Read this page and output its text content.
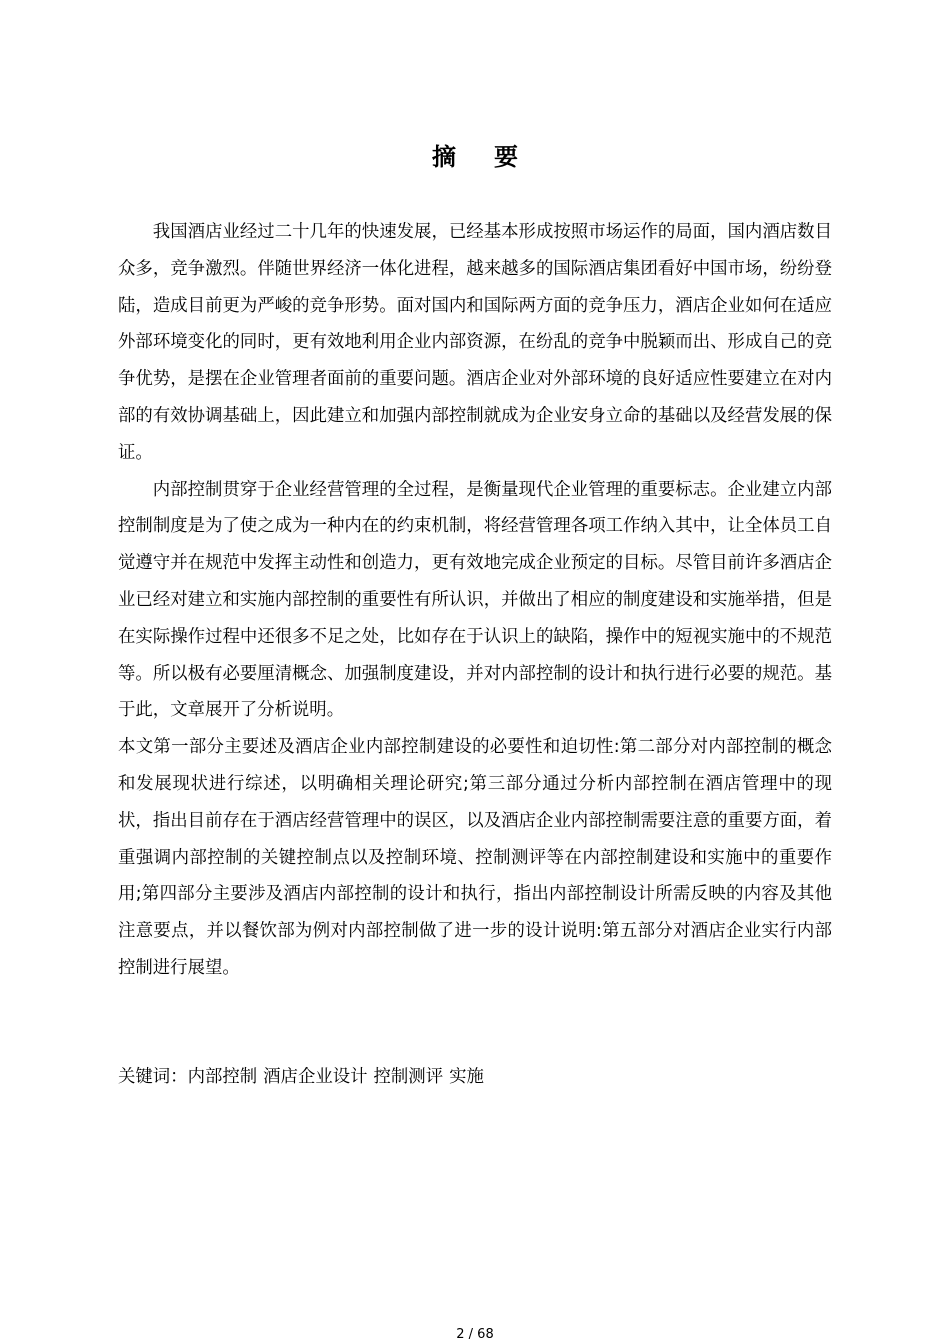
摘要

我国酒店业经过二十几年的快速发展，已经基本形成按照市场运作的局面，国内酒店数目众多，竞争激烈。伴随世界经济一体化进程，越来越多的国际酒店集团看好中国市场，纷纷登陆，造成目前更为严峻的竞争形势。面对国内和国际两方面的竞争压力，酒店企业如何在适应外部环境变化的同时，更有效地利用企业内部资源，在纷乱的竞争中脱颖而出、形成自己的竞争优势，是摆在企业管理者面前的重要问题。酒店企业对外部环境的良好适应性要建立在对内部的有效协调基础上，因此建立和加强内部控制就成为企业安身立命的基础以及经营发展的保证。

内部控制贯穿于企业经营管理的全过程，是衡量现代企业管理的重要标志。企业建立内部控制制度是为了使之成为一种内在的约束机制，将经营管理各项工作纳入其中，让全体员工自觉遵守并在规范中发挥主动性和创造力，更有效地完成企业预定的目标。尽管目前许多酒店企业已经对建立和实施内部控制的重要性有所认识，并做出了相应的制度建设和实施举措，但是在实际操作过程中还很多不足之处，比如存在于认识上的缺陷，操作中的短视实施中的不规范等。所以极有必要厘清概念、加强制度建设，并对内部控制的设计和执行进行必要的规范。基于此，文章展开了分析说明。

本文第一部分主要述及酒店企业内部控制建设的必要性和迫切性:第二部分对内部控制的概念和发展现状进行综述，以明确相关理论研究;第三部分通过分析内部控制在酒店管理中的现状，指出目前存在于酒店经营管理中的误区，以及酒店企业内部控制需要注意的重要方面，着重强调内部控制的关键控制点以及控制环境、控制测评等在内部控制建设和实施中的重要作用;第四部分主要涉及酒店内部控制的设计和执行，指出内部控制设计所需反映的内容及其他注意要点，并以餐饮部为例对内部控制做了进一步的设计说明:第五部分对酒店企业实行内部控制进行展望。

关键词：内部控制 酒店企业设计 控制测评 实施
2 / 68
